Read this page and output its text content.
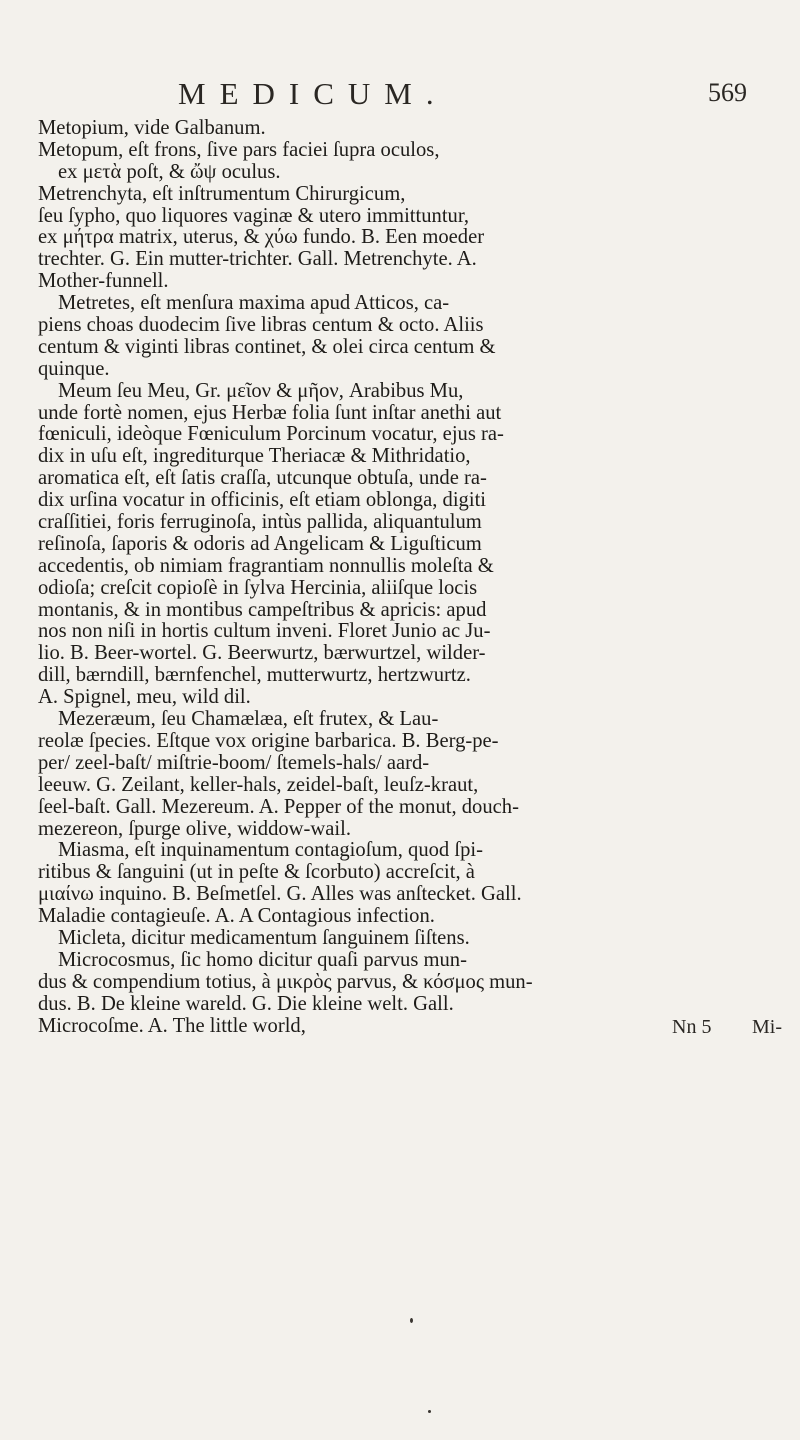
MEDICUM.	569
Metopium, vide Galbanum.
Metopum, eſt frons, ſive pars faciei ſupra oculos,
ex μετὰ poſt, & ὤψ oculus.
Metrenchyta, eſt inſtrumentum Chirurgicum,
ſeu ſypho, quo liquores vaginæ & utero immittuntur,
ex μήτρα matrix, uterus, & χύω fundo. B. Een moeder
trechter. G. Ein mutter-trichter. Gall. Metrenchyte. A.
Mother-funnell.
Metretes, eſt menſura maxima apud Atticos, ca-
piens choas duodecim ſive libras centum & octo. Aliis
centum & viginti libras continet, & olei circa centum &
quinque.
Meum ſeu Meu, Gr. μεῖον & μῆον, Arabibus Mu,
unde fortè nomen, ejus Herbæ folia ſunt inſtar anethi aut
fœniculi, ideòque Fœniculum Porcinum vocatur, ejus ra-
dix in uſu eſt, ingrediturque Theriacæ & Mithridatio,
aromatica eſt, eſt ſatis craſſa, utcunque obtuſa, unde ra-
dix urſina vocatur in officinis, eſt etiam oblonga, digiti
craſſitiei, foris ferruginoſa, intùs pallida, aliquantulum
reſinoſa, ſaporis & odoris ad Angelicam & Liguſticum
accedentis, ob nimiam fragrantiam nonnullis moleſta &
odioſa; creſcit copioſè in ſylva Hercinia, aliiſque locis
montanis, & in montibus campeſtribus & apricis: apud
nos non niſi in hortis cultum inveni. Floret Junio ac Ju-
lio. B. Beer-wortel. G. Beerwurtz, bærwurtzel, wilder-
dill, bærndill, bærnfenchel, mutterwurtz, hertzwurtz.
A. Spignel, meu, wild dil.
Mezeræum, ſeu Chamælæa, eſt frutex, & Lau-
reolæ ſpecies. Eſtque vox origine barbarica. B. Berg-pe-
per/ zeel-baſt/ miſtrie-boom/ ſtemels-hals/ aard-
leeuw. G. Zeilant, keller-hals, zeidel-baſt, leuſz-kraut,
ſeel-baſt. Gall. Mezereum. A. Pepper of the monut, douch-
mezereon, ſpurge olive, widdow-wail.
Miasma, eſt inquinamentum contagioſum, quod ſpi-
ritibus & ſanguini (ut in peſte & ſcorbuto) accreſcit, à
μιαίνω inquino. B. Beſmetſel. G. Alles was anſtecket. Gall.
Maladie contagieuſe. A. A Contagious infection.
Micleta, dicitur medicamentum ſanguinem ſiſtens.
Microcosmus, ſic homo dicitur quaſi parvus mun-
dus & compendium totius, à μικρὸς parvus, & κόσμος mun-
dus. B. De kleine wareld. G. Die kleine welt. Gall.
Microcoſme. A. The little world,	Nn 5 Mi-
